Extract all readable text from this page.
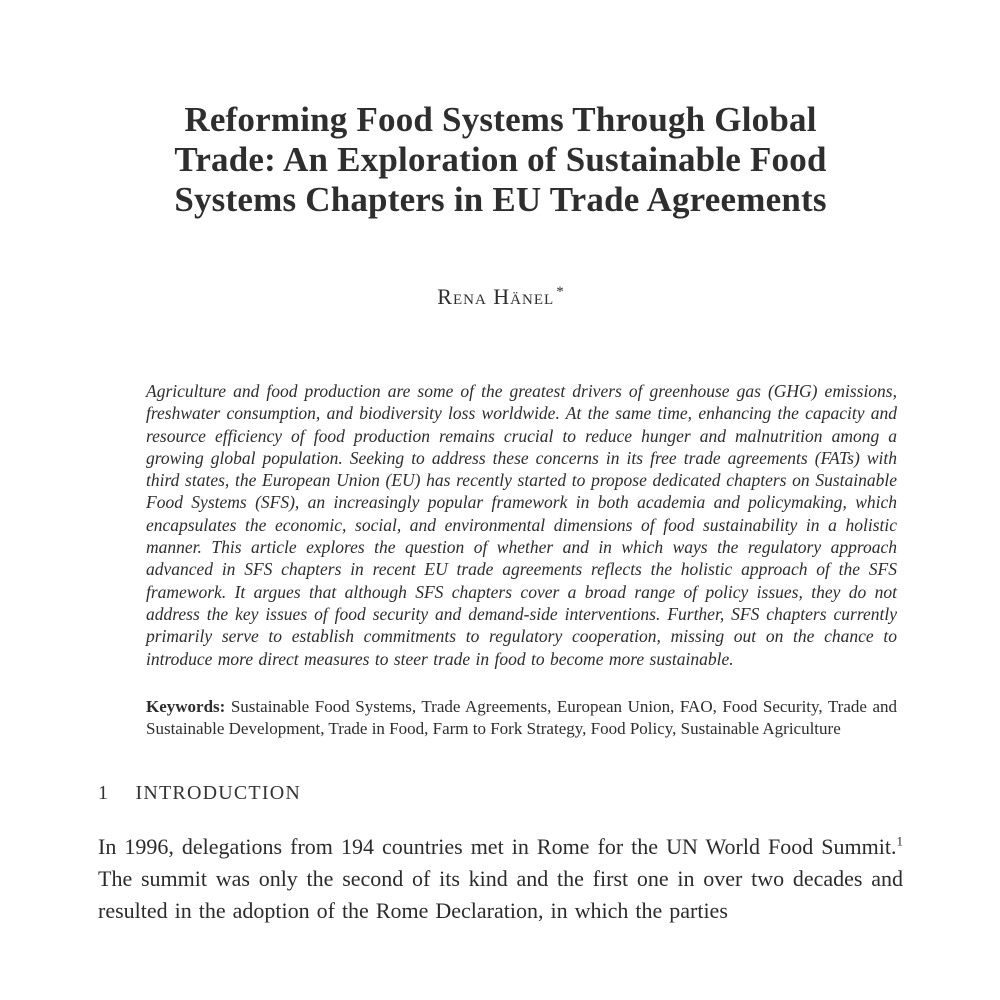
Reforming Food Systems Through Global
Trade: An Exploration of Sustainable Food
Systems Chapters in EU Trade Agreements
Rena Hänel *

Agriculture and food production are some of the greatest drivers of greenhouse gas (GHG) emissions, freshwater consumption, and biodiversity loss worldwide. At the same time, enhancing the capacity and resource efficiency of food production remains crucial to reduce hunger and malnutrition among a growing global population. Seeking to address these concerns in its free trade agreements (FATs) with third states, the European Union (EU) has recently started to propose dedicated chapters on Sustainable Food Systems (SFS), an increasingly popular framework in both academia and policymaking, which encapsulates the economic, social, and environmental dimensions of food sustainability in a holistic manner. This article explores the question of whether and in which ways the regulatory approach advanced in SFS chapters in recent EU trade agreements reflects the holistic approach of the SFS framework. It argues that although SFS chapters cover a broad range of policy issues, they do not address the key issues of food security and demand-side interventions. Further, SFS chapters currently primarily serve to establish commitments to regulatory cooperation, missing out on the chance to introduce more direct measures to steer trade in food to become more sustainable.

Keywords: Sustainable Food Systems, Trade Agreements, European Union, FAO, Food Security, Trade and Sustainable Development, Trade in Food, Farm to Fork Strategy, Food Policy, Sustainable Agriculture

1 INTRODUCTION

In 1996, delegations from 194 countries met in Rome for the UN World Food Summit.$^1$ The summit was only the second of its kind and the first one in over two decades and resulted in the adoption of the Rome Declaration, in which the parties
